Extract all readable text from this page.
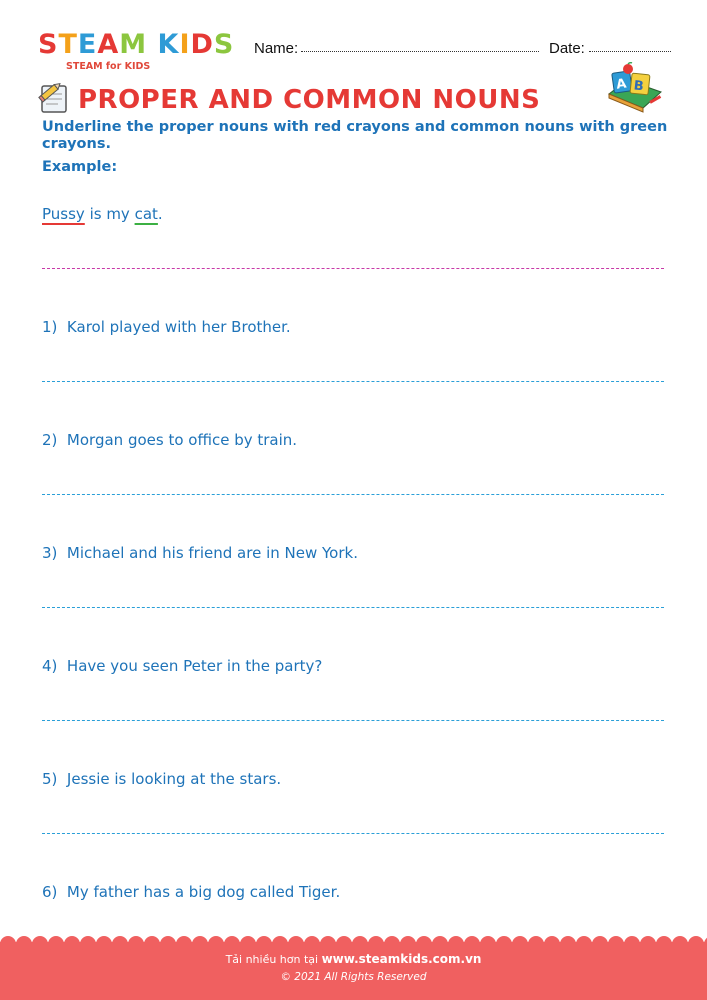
STEAM KIDS
STEAM for KIDS
Name:	Date:
PROPER AND COMMON NOUNS
A B
Underline the proper nouns with red crayons and common nouns with green crayons.
Example:
Pussy is my cat.
1)  Karol played with her Brother.
2)  Morgan goes to office by train.
3)  Michael and his friend are in New York.
4)  Have you seen Peter in the party?
5)  Jessie is looking at the stars.
6)  My father has a big dog called Tiger.
Tải nhiều hơn tại www.steamkids.com.vn
© 2021 All Rights Reserved
